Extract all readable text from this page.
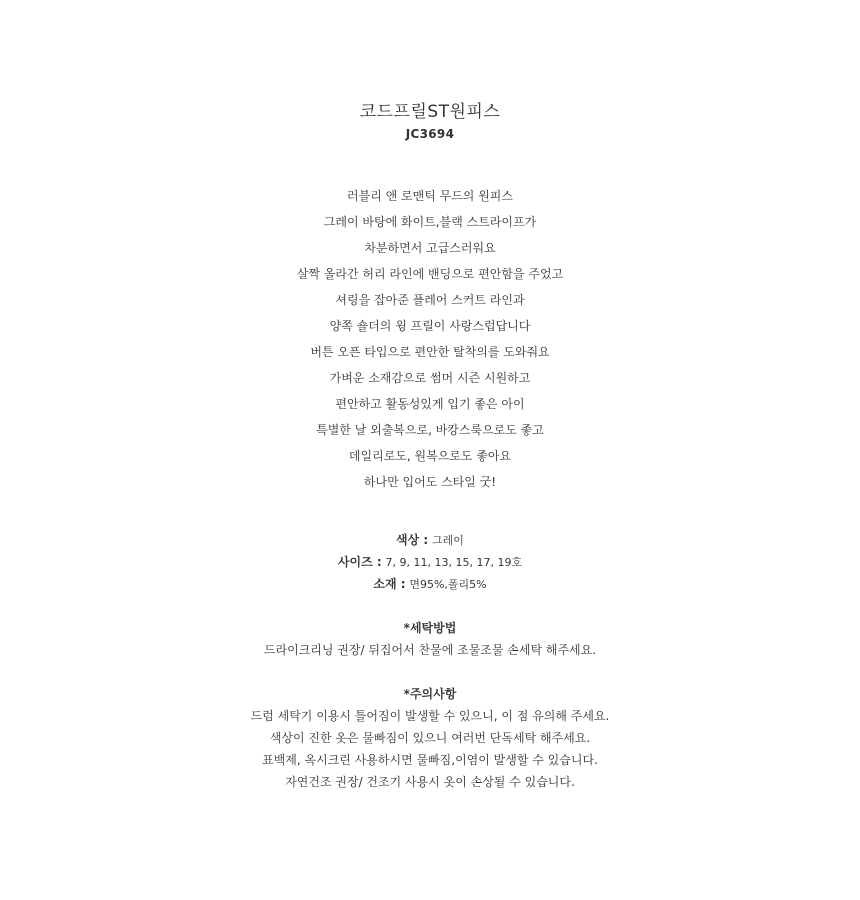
코드프릴ST원피스
JC3694
러블리 앤 로맨틱 무드의 원피스
그레이 바탕에 화이트,블랙 스트라이프가
차분하면서 고급스러워요
살짝 올라간 허리 라인에 밴딩으로 편안함을 주었고
셔링을 잡아준 플레어 스커트 라인과
양쪽 숄더의 윙 프릴이 사랑스럽답니다
버튼 오픈 타입으로 편안한 탈착의를 도와줘요
가벼운 소재감으로 썸머 시즌 시원하고
편안하고 활동성있게 입기 좋은 아이
특별한 날 외출복으로, 바캉스룩으로도 좋고
데일리로도, 원복으로도 좋아요
하나만 입어도 스타일 굿!
색상 : 그레이
사이즈 : 7, 9, 11, 13, 15, 17, 19호
소재 : 면95%,폴리5%
*세탁방법
드라이크리닝 권장/ 뒤집어서 찬물에 조물조물 손세탁 해주세요.
*주의사항
드럼 세탁기 이용시 틀어짐이 발생할 수 있으니, 이 점 유의해 주세요.
색상이 진한 옷은 물빠짐이 있으니 여러번 단독세탁 해주세요.
표백제, 옥시크린 사용하시면 물빠짐,이염이 발생할 수 있습니다.
자연건조 권장/ 건조기 사용시 옷이 손상될 수 있습니다.
